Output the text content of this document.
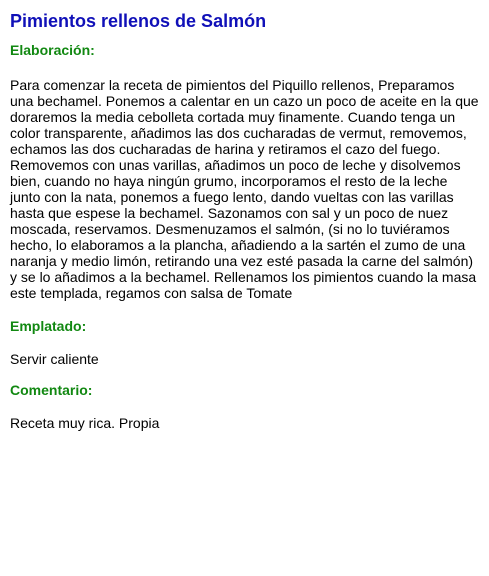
Pimientos rellenos de Salmón
Elaboración:

Para comenzar la receta de pimientos del Piquillo rellenos, Preparamos una bechamel. Ponemos a calentar en un cazo un poco de aceite en la que doraremos la media cebolleta cortada muy finamente. Cuando tenga un color transparente, añadimos las dos cucharadas de vermut, removemos, echamos las dos cucharadas de harina y retiramos el cazo del fuego. Removemos con unas varillas, añadimos un poco de leche y disolvemos bien, cuando no haya ningún grumo, incorporamos el resto de la leche junto con la nata, ponemos a fuego lento, dando vueltas con las varillas hasta que espese la bechamel. Sazonamos con sal y un poco de nuez moscada, reservamos. Desmenuzamos el salmón, (si no lo tuviéramos hecho, lo elaboramos a la plancha, añadiendo a la sartén el zumo de una naranja y medio limón, retirando una vez esté pasada la carne del salmón) y se lo añadimos a la bechamel. Rellenamos los pimientos cuando la masa este templada, regamos con salsa de Tomate

Emplatado:

Servir caliente

Comentario:

Receta muy rica. Propia
